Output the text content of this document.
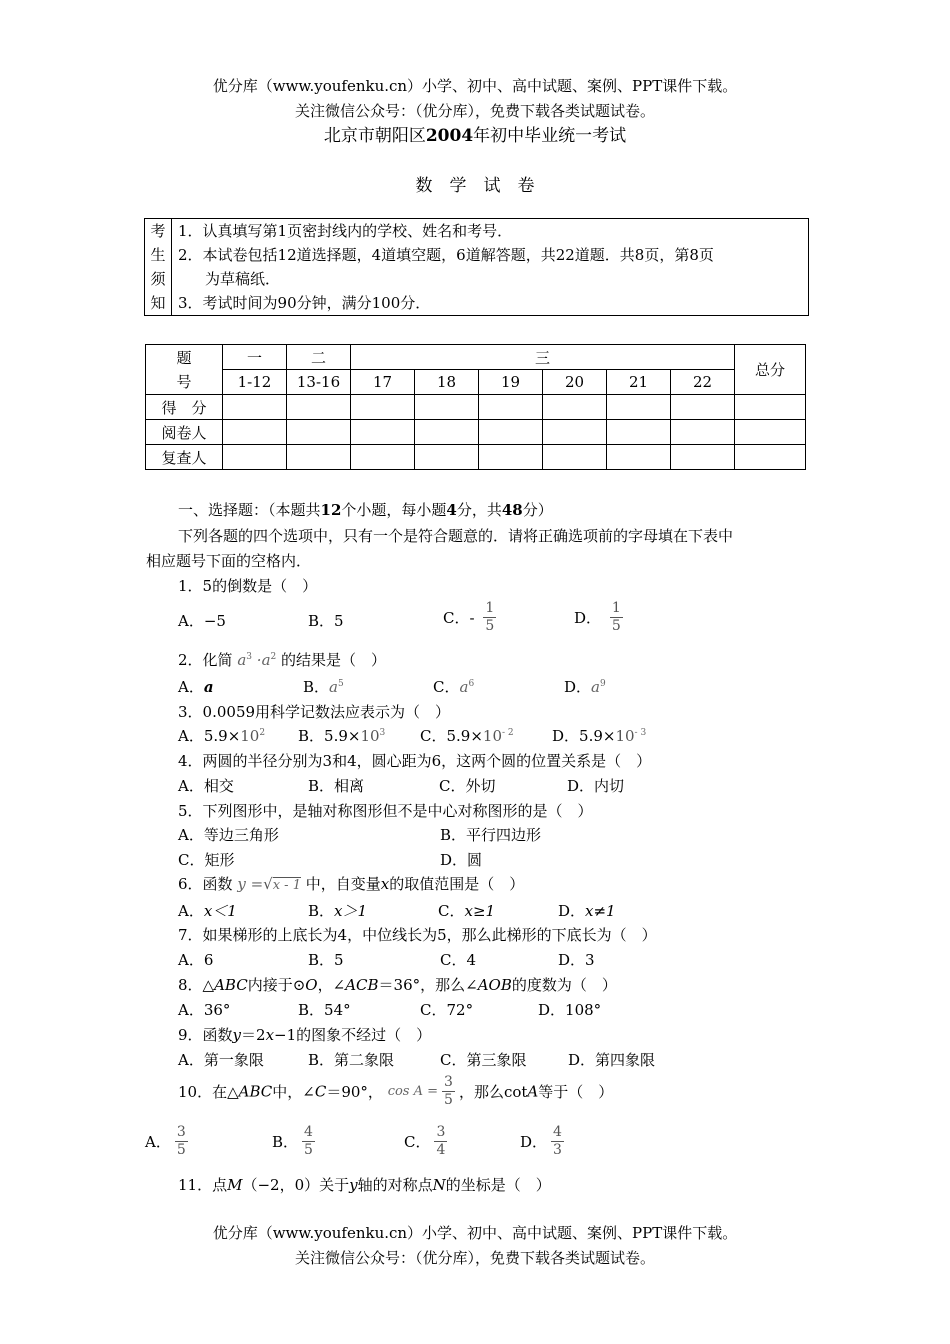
优分库（www.youfenku.cn）小学、初中、高中试题、案例、PPT课件下载。
关注微信公众号：（优分库），免费下载各类试题试卷。
北京市朝阳区2004年初中毕业统一考试
数　学　试　卷
考
生
须
知

1．认真填写第1页密封线内的学校、姓名和考号．
2．本试卷包括12道选择题，4道填空题，6道解答题，共22道题．共8页，第8页
　为草稿纸．
3．考试时间为90分钟，满分100分．
题
号	一	二	三						总分
	1-12	13-16	17	18	19	20	21	22	
得　分									
阅卷人									
复查人									
一、选择题：（本题共12个小题，每小题4分，共48分）
下列各题的四个选项中，只有一个是符合题意的．请将正确选项前的字母填在下表中
相应题号下面的空格内．
1．5的倒数是（　）
A．−5	B．5	C．- $\frac{1}{5}$	D． $\frac{1}{5}$
2．化简 $a^3 \cdot a^2$ 的结果是（　）
A．a	B．$a^5$	C．$a^6$	D．$a^9$
3．0.0059用科学记数法应表示为（　）
A．$5.9\times 10^2$ B．$5.9\times 10^3$ C．$5.9\times 10^{- 2}$	D．$5.9\times 10^{- 3}$
4．两圆的半径分别为3和4，圆心距为6，这两个圆的位置关系是（　）
A．相交	B．相离	C．外切	D．内切
5．下列图形中，是轴对称图形但不是中心对称图形的是（　）
A．等边三角形	B．平行四边形
C．矩形	D．圆
6．函数 y =√x - 1 中，自变量x的取值范围是（　）
A．x＜1	B．x＞1	C．x≥1	D．x≠1
7．如果梯形的上底长为4，中位线长为5，那么此梯形的下底长为（　）
A．6	B．5	C．4	D．3
8．△ABC内接于⊙O，∠ACB＝36°，那么∠AOB的度数为（　）
A．36°	B．54°	C．72°	D．108°
9．函数y＝2x−1的图象不经过（　）
A．第一象限	B．第二象限	C．第三象限	D．第四象限
10．在△ABC中，∠C＝90°， $\cos A = \frac{3}{5}$ ，那么cotA等于（　）
A． $\frac{3}{5}$	B． $\frac{4}{5}$	C． $\frac{3}{4}$	D． $\frac{4}{3}$
11．点M（−2，0）关于y轴的对称点N的坐标是（　）
优分库（www.youfenku.cn）小学、初中、高中试题、案例、PPT课件下载。
关注微信公众号：（优分库），免费下载各类试题试卷。
